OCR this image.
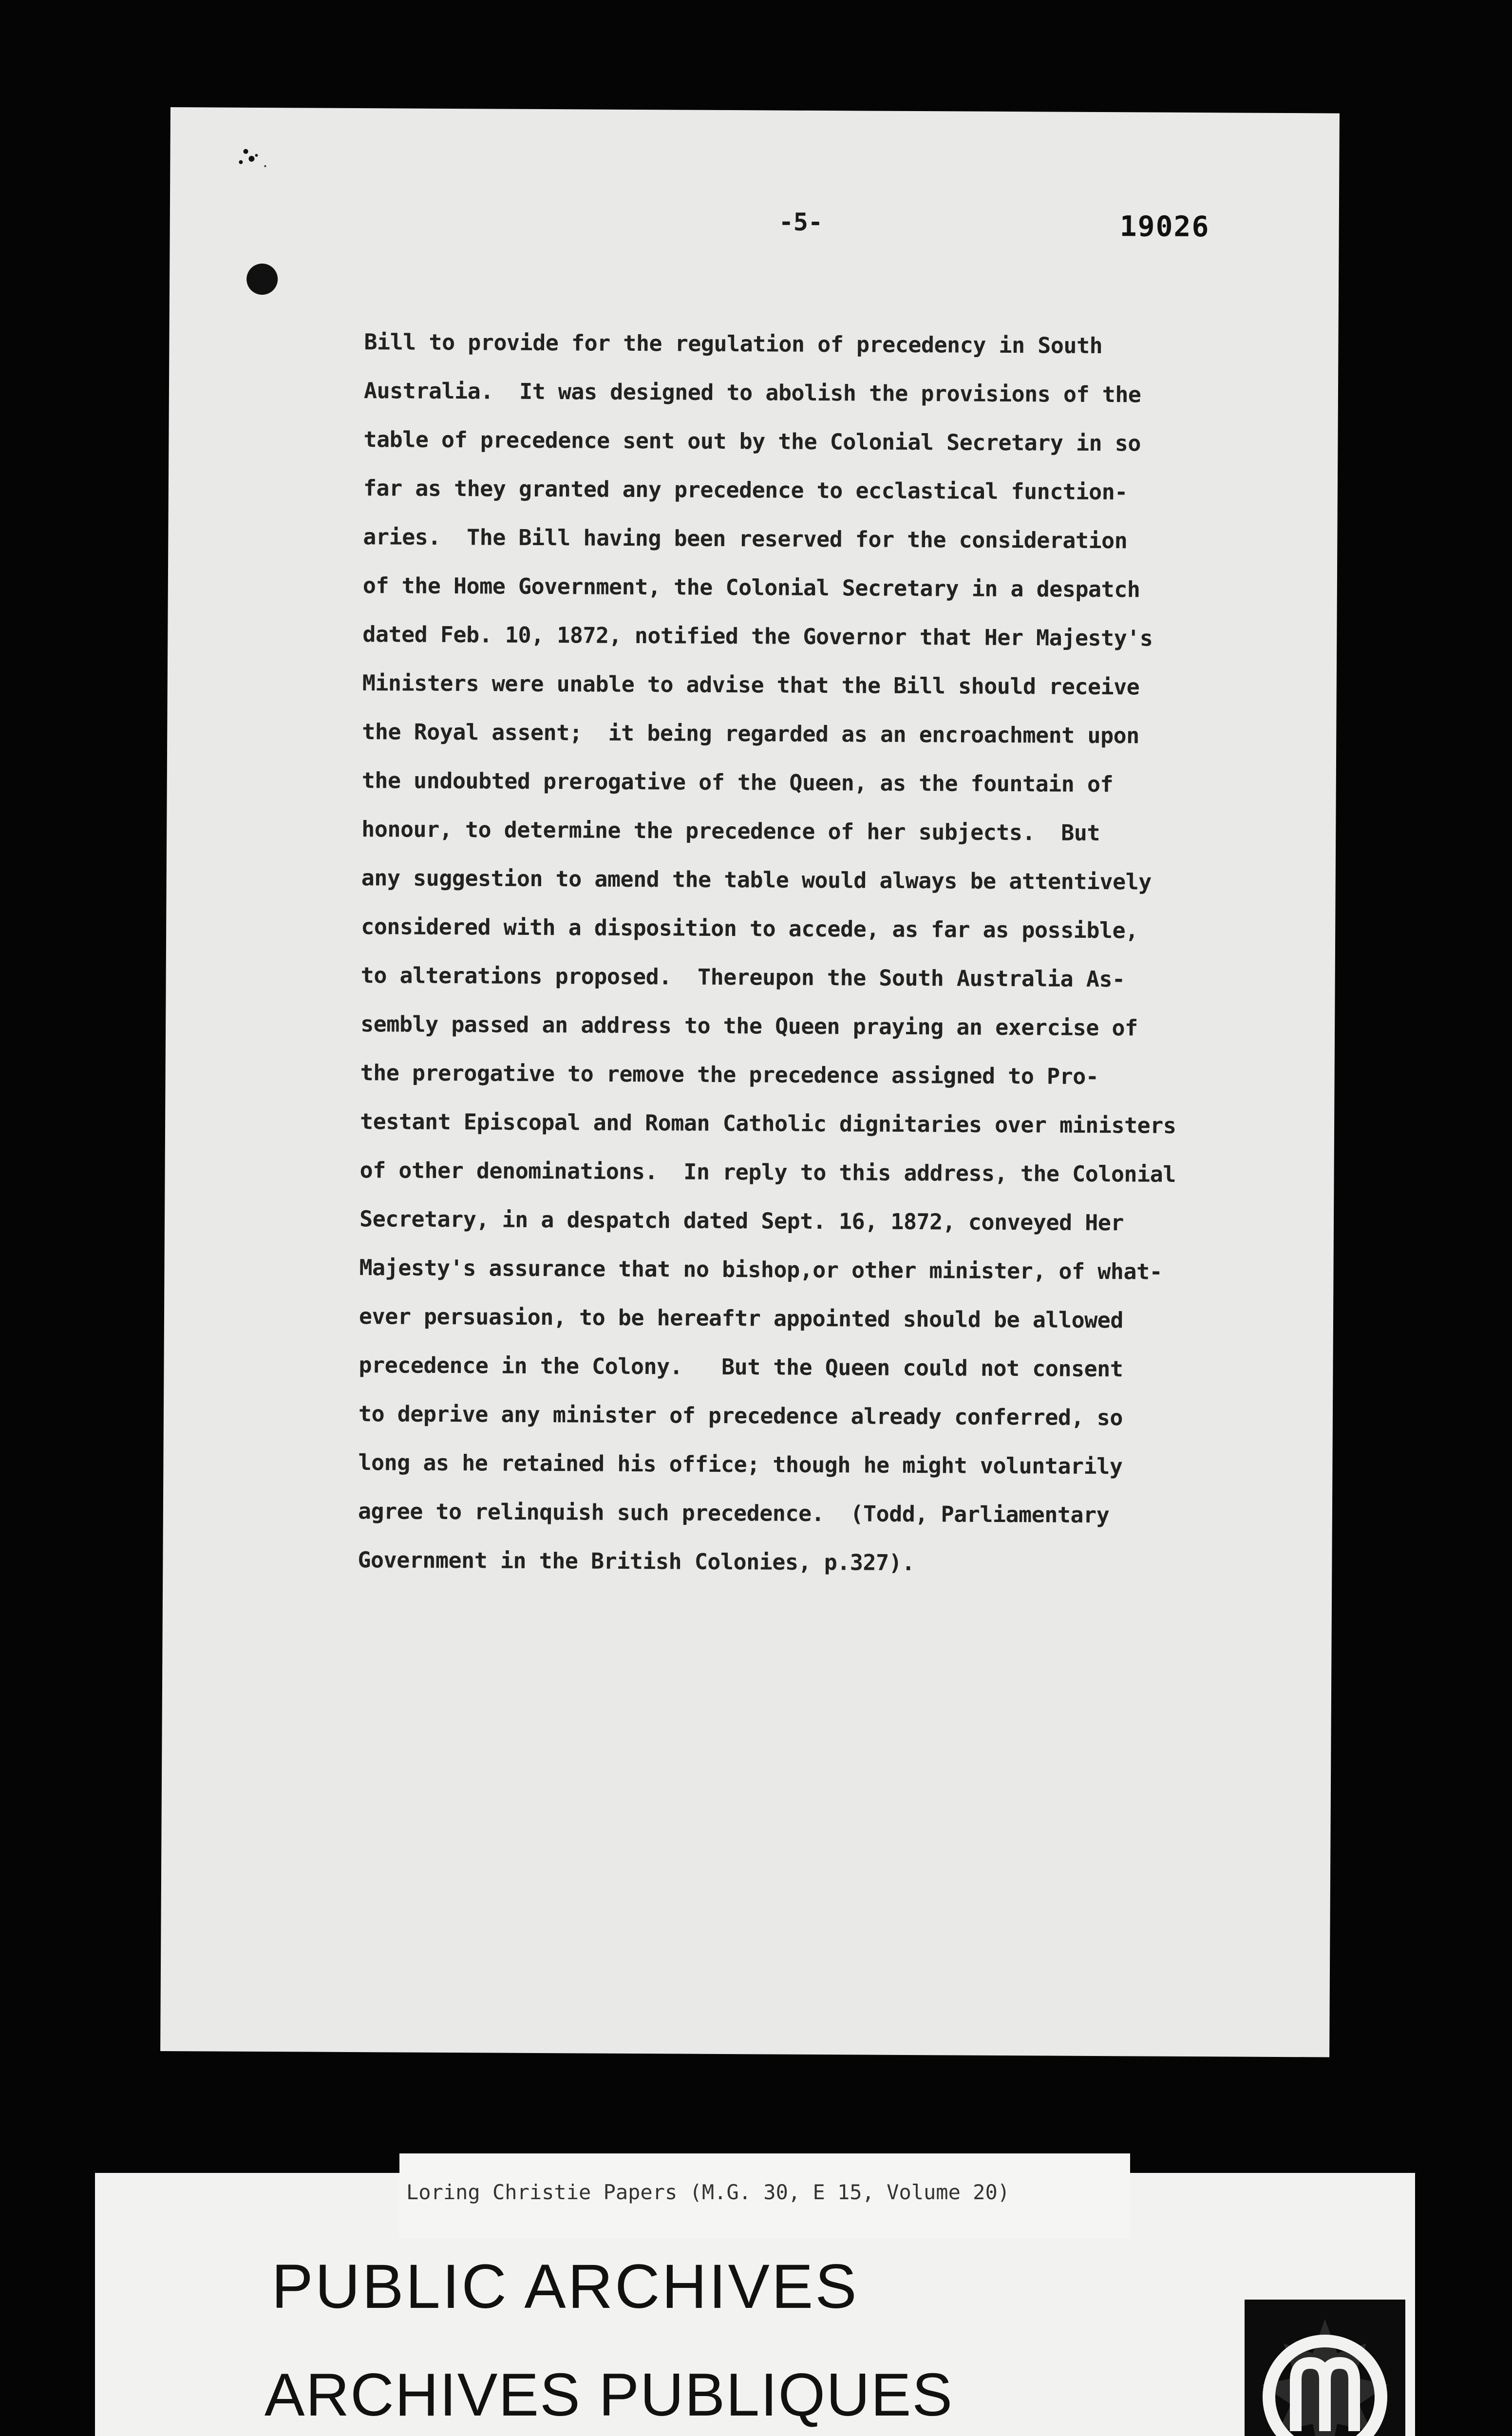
-5-	19026
Bill to provide for the regulation of precedency in South
Australia.  It was designed to abolish the provisions of the
table of precedence sent out by the Colonial Secretary in so
far as they granted any precedence to ecclastical function-
aries.  The Bill having been reserved for the consideration
of the Home Government, the Colonial Secretary in a despatch
dated Feb. 10, 1872, notified the Governor that Her Majesty's
Ministers were unable to advise that the Bill should receive
the Royal assent;  it being regarded as an encroachment upon
the undoubted prerogative of the Queen, as the fountain of
honour, to determine the precedence of her subjects.  But
any suggestion to amend the table would always be attentively
considered with a disposition to accede, as far as possible,
to alterations proposed.  Thereupon the South Australia As-
sembly passed an address to the Queen praying an exercise of
the prerogative to remove the precedence assigned to Pro-
testant Episcopal and Roman Catholic dignitaries over ministers
of other denominations.  In reply to this address, the Colonial
Secretary, in a despatch dated Sept. 16, 1872, conveyed Her
Majesty's assurance that no bishop,or other minister, of what-
ever persuasion, to be hereaftr appointed should be allowed
precedence in the Colony.   But the Queen could not consent
to deprive any minister of precedence already conferred, so
long as he retained his office; though he might voluntarily
agree to relinquish such precedence.  (Todd, Parliamentary
Government in the British Colonies, p.327).
PUBLIC ARCHIVES
ARCHIVES PUBLIQUES
Loring Christie Papers (M.G. 30, E 15, Volume 20)
